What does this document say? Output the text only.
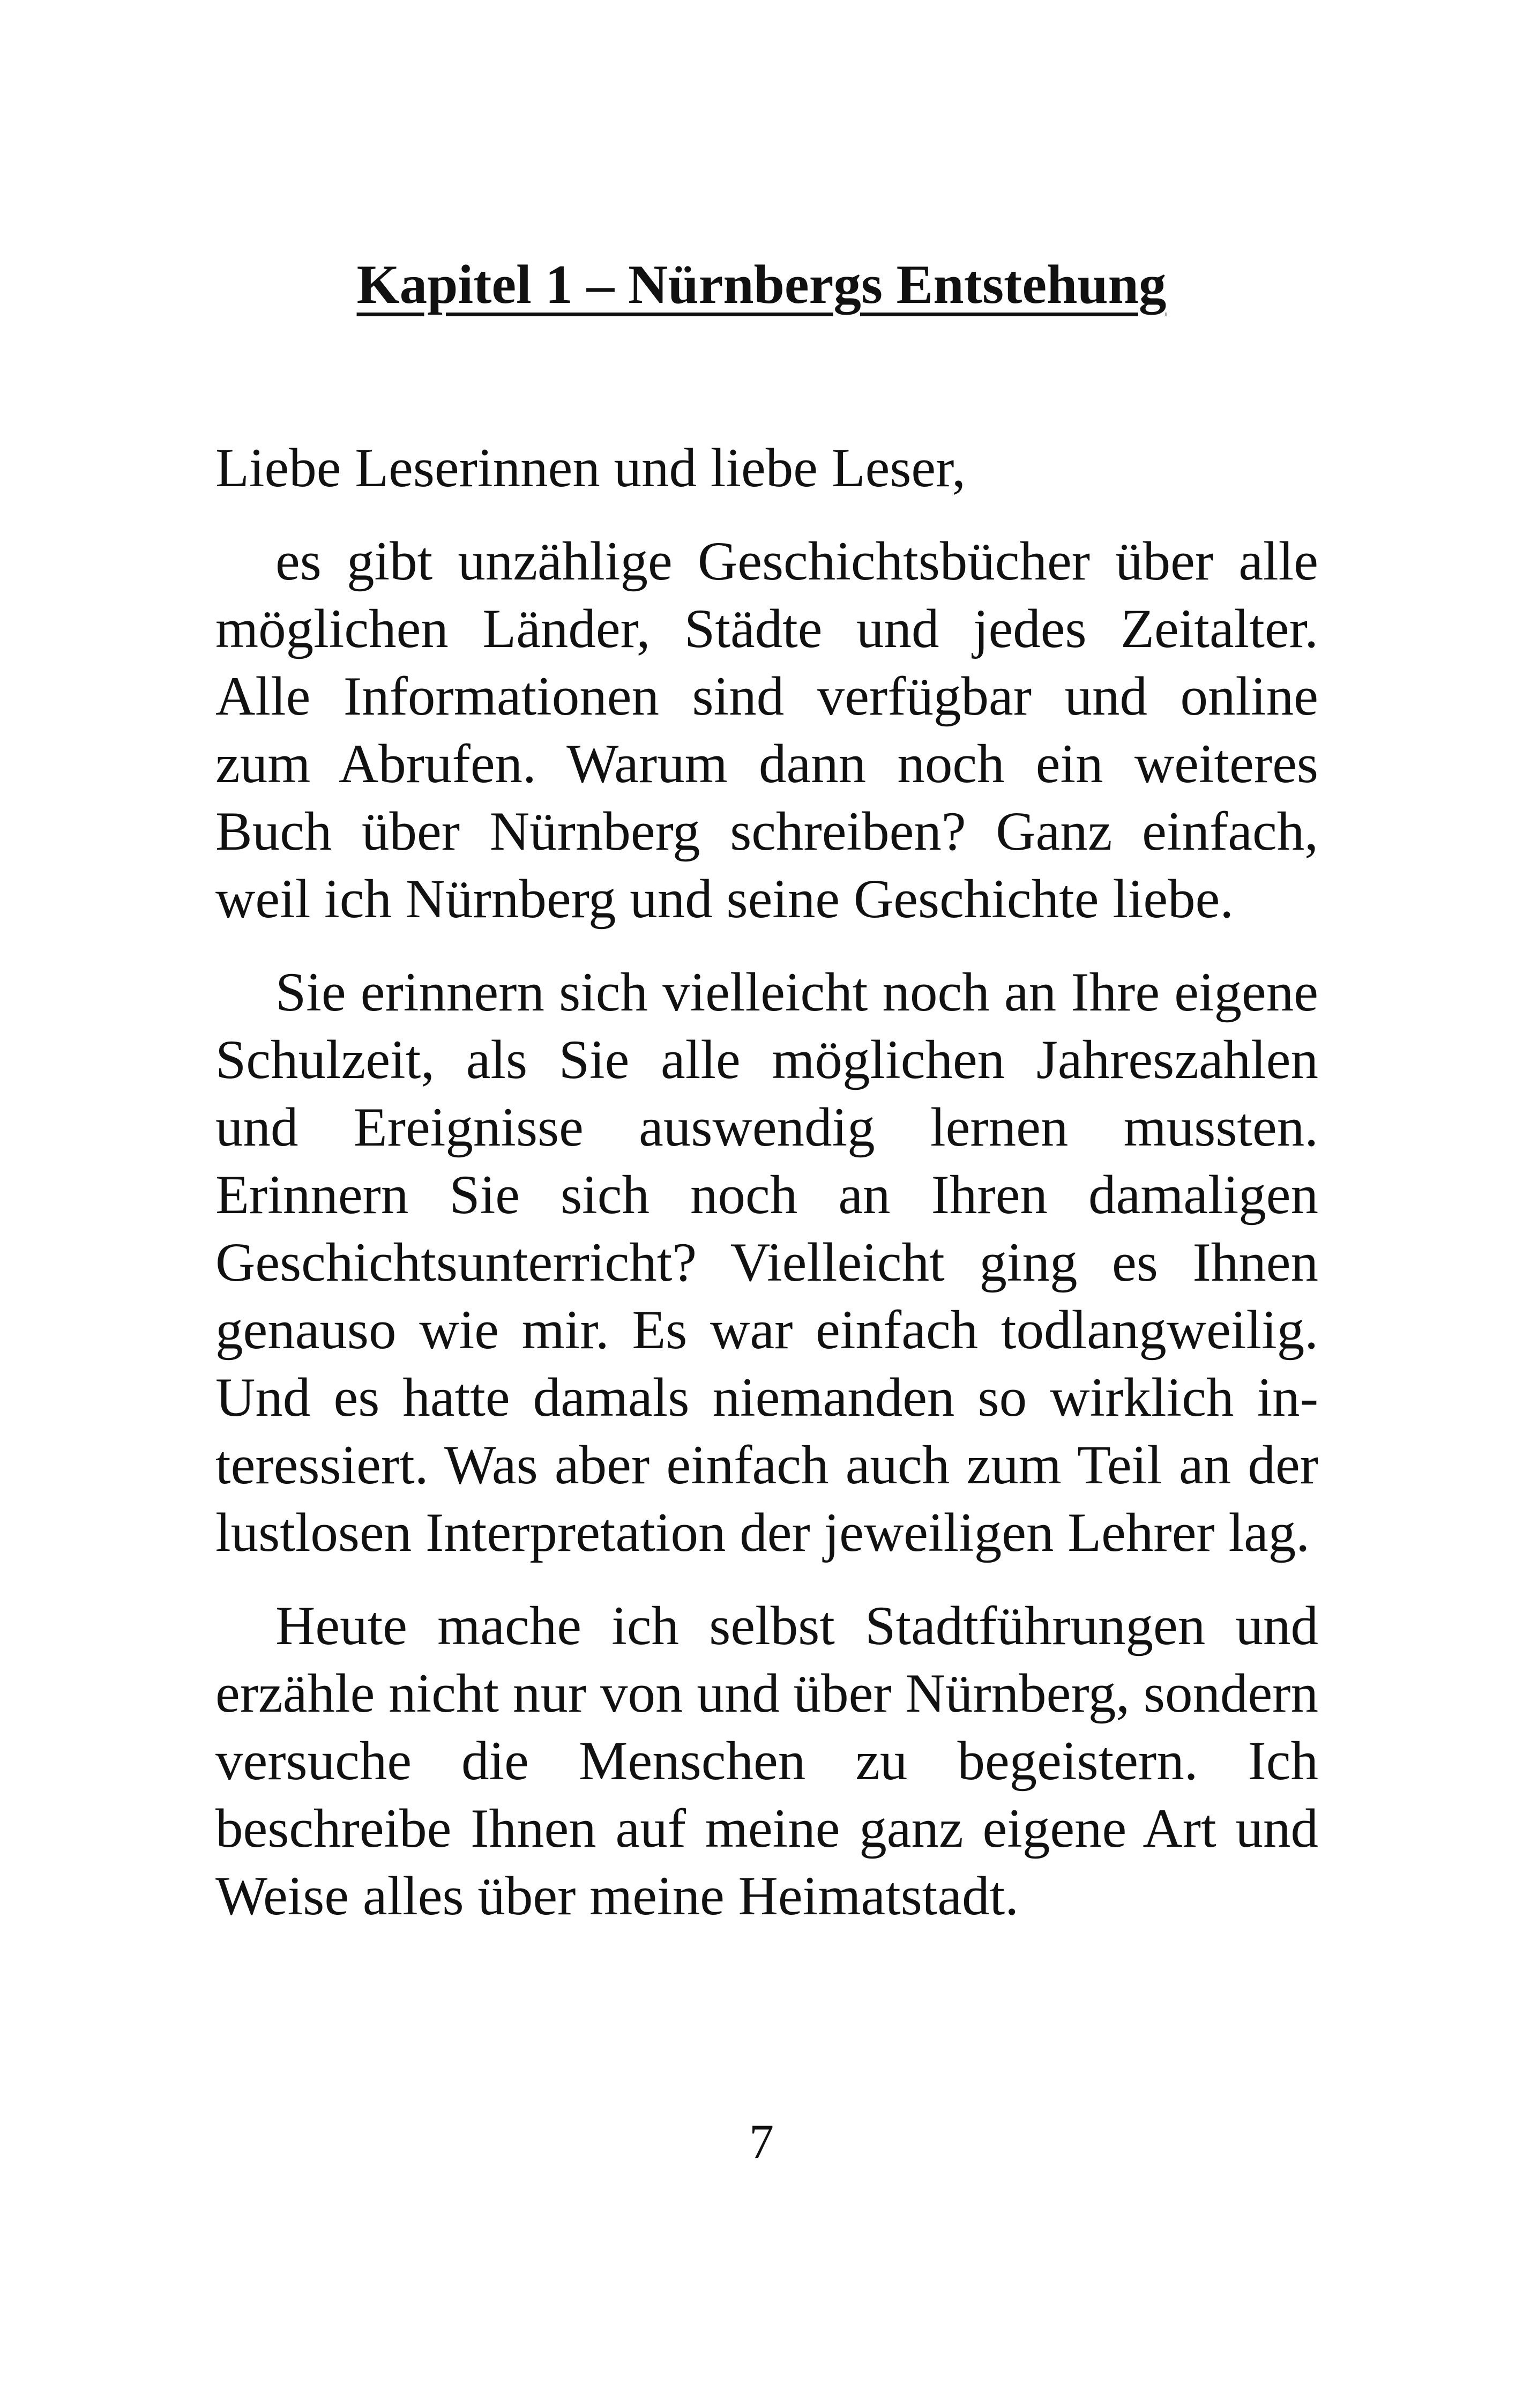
Kapitel 1 – Nürnbergs Entstehung

Liebe Leserinnen und liebe Leser,

es gibt unzählige Geschichtsbücher über alle möglichen Länder, Städte und jedes Zeitalter. Alle Informationen sind verfügbar und online zum Abrufen. Warum dann noch ein weiteres Buch über Nürnberg schreiben? Ganz einfach, weil ich Nürnberg und seine Geschichte liebe.

Sie erinnern sich vielleicht noch an Ihre eigene Schulzeit, als Sie alle möglichen Jahreszahlen und Ereignisse auswendig lernen mussten. Erinnern Sie sich noch an Ihren damaligen Geschichtsunterricht? Vielleicht ging es Ihnen genauso wie mir. Es war einfach todlangweilig. Und es hatte damals niemanden so wirklich interessiert. Was aber einfach auch zum Teil an der lustlosen Interpretation der jeweiligen Lehrer lag.

Heute mache ich selbst Stadtführungen und erzähle nicht nur von und über Nürnberg, sondern versuche die Menschen zu begeistern. Ich beschreibe Ihnen auf meine ganz eigene Art und Weise alles über meine Heimatstadt.

7
